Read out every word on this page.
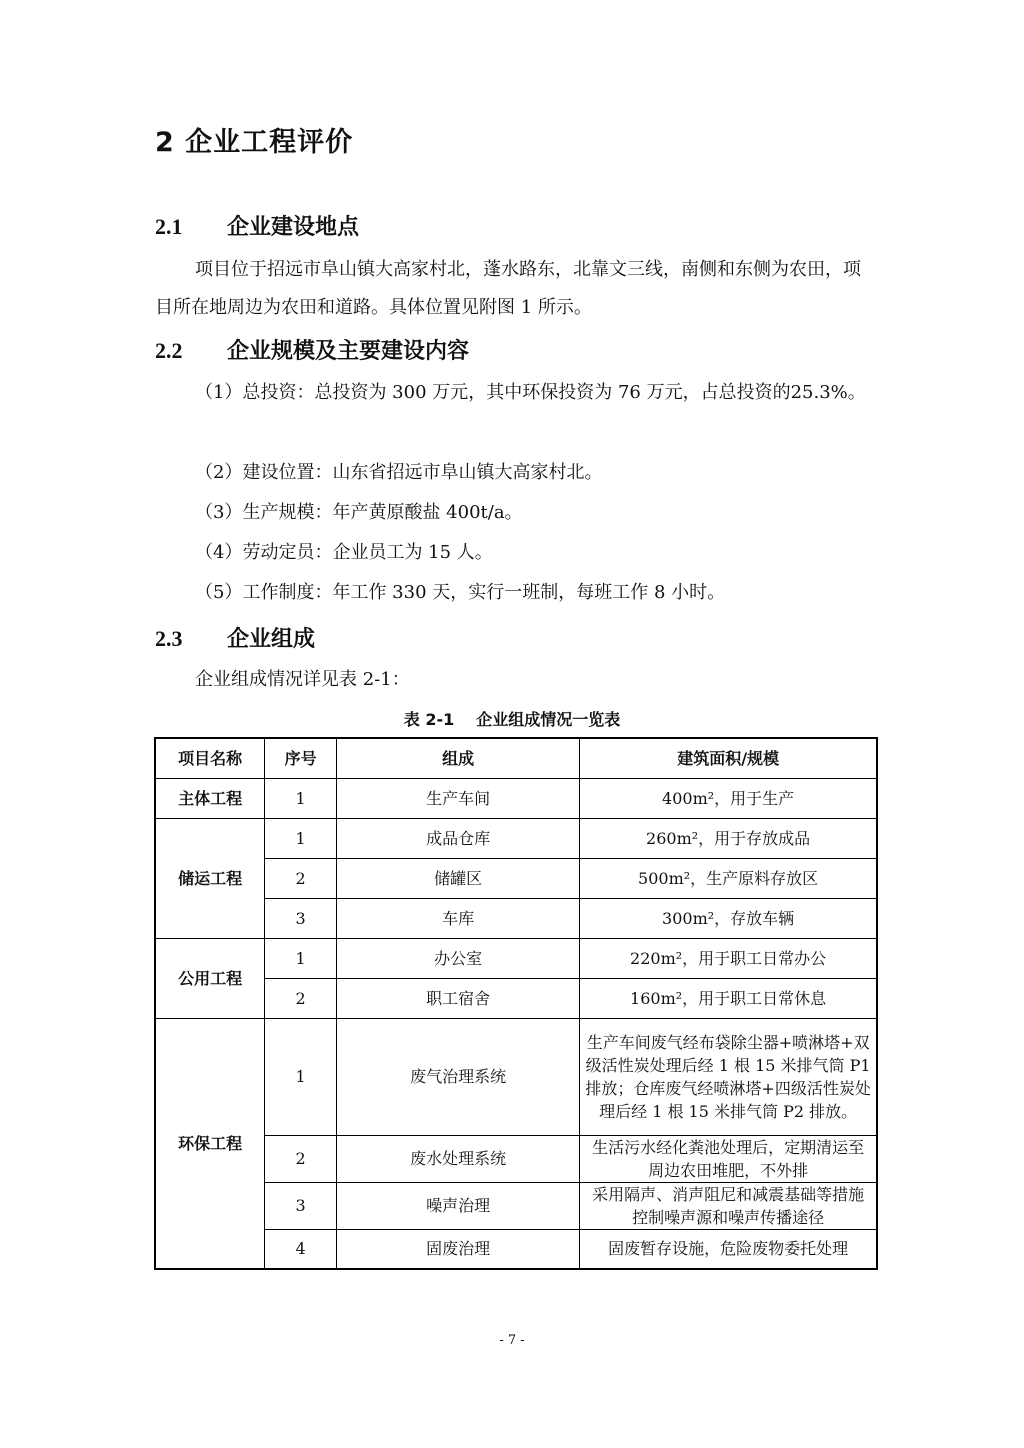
2 企业工程评价
2.1 企业建设地点

项目位于招远市阜山镇大高家村北，蓬水路东，北靠文三线，南侧和东侧为农田，项目所在地周边为农田和道路。具体位置见附图 1 所示。

2.2 企业规模及主要建设内容

（1）总投资：总投资为 300 万元，其中环保投资为 76 万元，占总投资的25.3%。

（2）建设位置：山东省招远市阜山镇大高家村北。

（3）生产规模：年产黄原酸盐 400t/a。

（4）劳动定员：企业员工为 15 人。

（5）工作制度：年工作 330 天，实行一班制，每班工作 8 小时。

2.3 企业组成

企业组成情况详见表 2-1：

表 2-1 企业组成情况一览表

项目名称	序号	组成	建筑面积/规模
主体工程	1	生产车间	400m²，用于生产
储运工程	1	成品仓库	260m²，用于存放成品
	2	储罐区	500m²，生产原料存放区
	3	车库	300m²，存放车辆
公用工程	1	办公室	220m²，用于职工日常办公
	2	职工宿舍	160m²，用于职工日常休息
环保工程	1	废气治理系统	生产车间废气经布袋除尘器+喷淋塔+双级活性炭处理后经 1 根 15 米排气筒 P1 排放；仓库废气经喷淋塔+四级活性炭处理后经 1 根 15 米排气筒 P2 排放。
	2	废水处理系统	生活污水经化粪池处理后，定期清运至周边农田堆肥，不外排
	3	噪声治理	采用隔声、消声阻尼和减震基础等措施控制噪声源和噪声传播途径
	4	固废治理	固废暂存设施，危险废物委托处理

- 7 -
